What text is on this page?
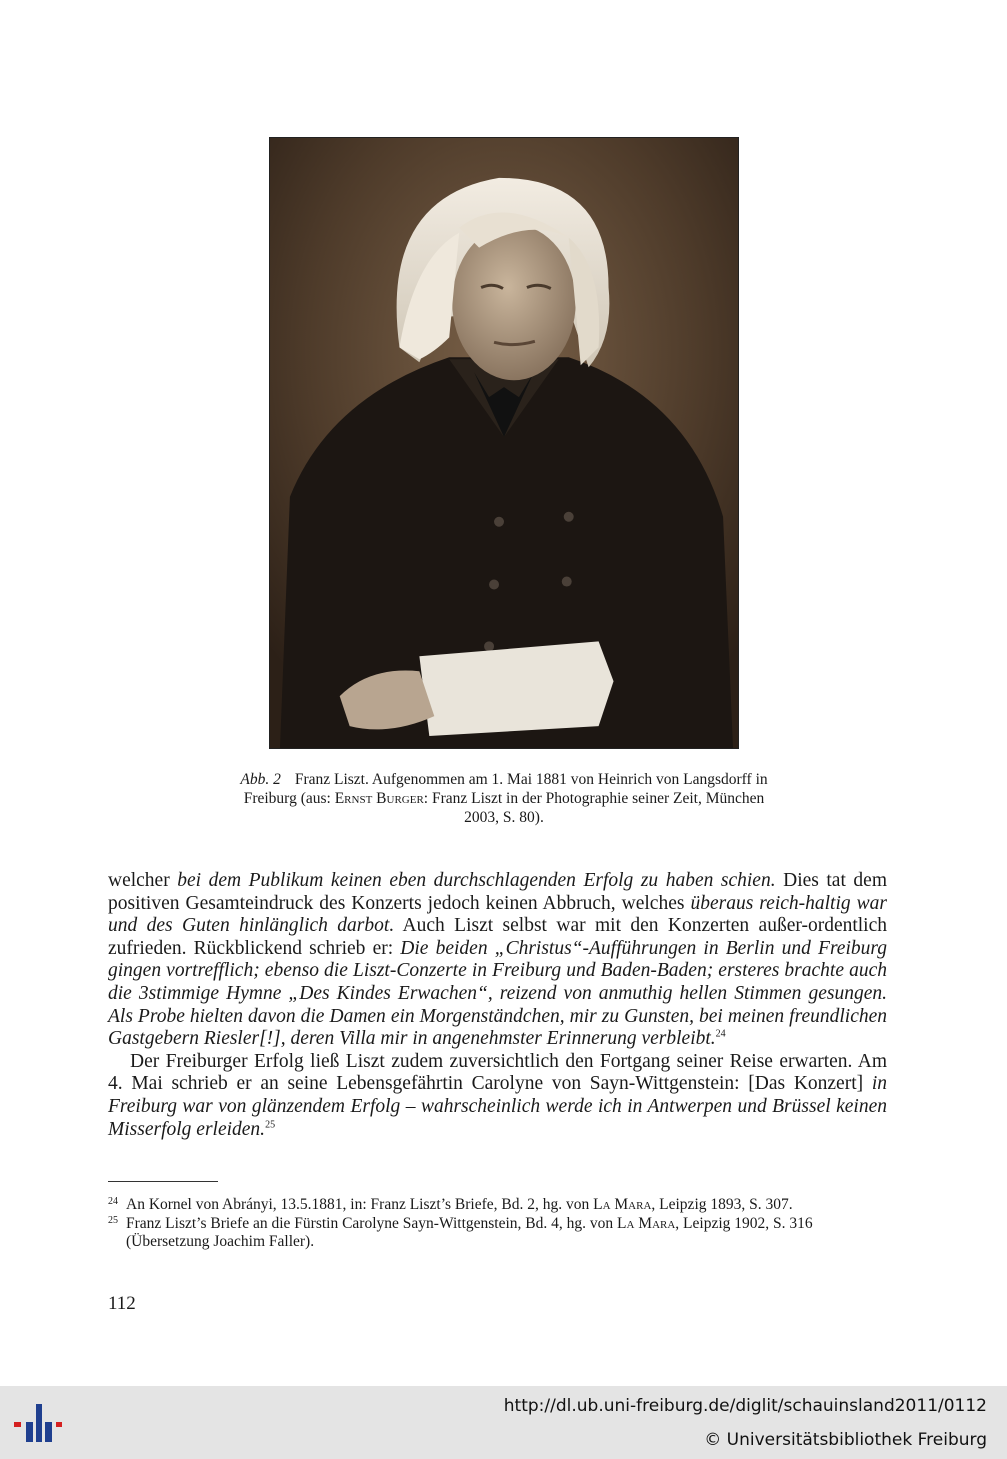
Abb. 2 Franz Liszt. Aufgenommen am 1. Mai 1881 von Heinrich von Langsdorff in Freiburg (aus: Ernst Burger: Franz Liszt in der Photographie seiner Zeit, München 2003, S. 80).

welcher bei dem Publikum keinen eben durchschlagenden Erfolg zu haben schien. Dies tat dem positiven Gesamteindruck des Konzerts jedoch keinen Abbruch, welches überaus reich-haltig war und des Guten hinlänglich darbot. Auch Liszt selbst war mit den Konzerten außer-ordentlich zufrieden. Rückblickend schrieb er: Die beiden „Christus“-Aufführungen in Berlin und Freiburg gingen vortrefflich; ebenso die Liszt-Conzerte in Freiburg und Baden-Baden; ersteres brachte auch die 3stimmige Hymne „Des Kindes Erwachen“, reizend von anmuthig hellen Stimmen gesungen. Als Probe hielten davon die Damen ein Morgenständchen, mir zu Gunsten, bei meinen freundlichen Gastgebern Riesler[!], deren Villa mir in angenehmster Erinnerung verbleibt.$^{24}$

Der Freiburger Erfolg ließ Liszt zudem zuversichtlich den Fortgang seiner Reise erwarten. Am 4. Mai schrieb er an seine Lebensgefährtin Carolyne von Sayn-Wittgenstein: [Das Konzert] in Freiburg war von glänzendem Erfolg – wahrscheinlich werde ich in Antwerpen und Brüssel keinen Misserfolg erleiden.$^{25}$

24 An Kornel von Abrányi, 13.5.1881, in: Franz Liszt’s Briefe, Bd. 2, hg. von La Mara, Leipzig 1893, S. 307.
25 Franz Liszt’s Briefe an die Fürstin Carolyne Sayn-Wittgenstein, Bd. 4, hg. von La Mara, Leipzig 1902, S. 316 (Übersetzung Joachim Faller).
112
http://dl.ub.uni-freiburg.de/diglit/schauinsland2011/0112
© Universitätsbibliothek Freiburg
